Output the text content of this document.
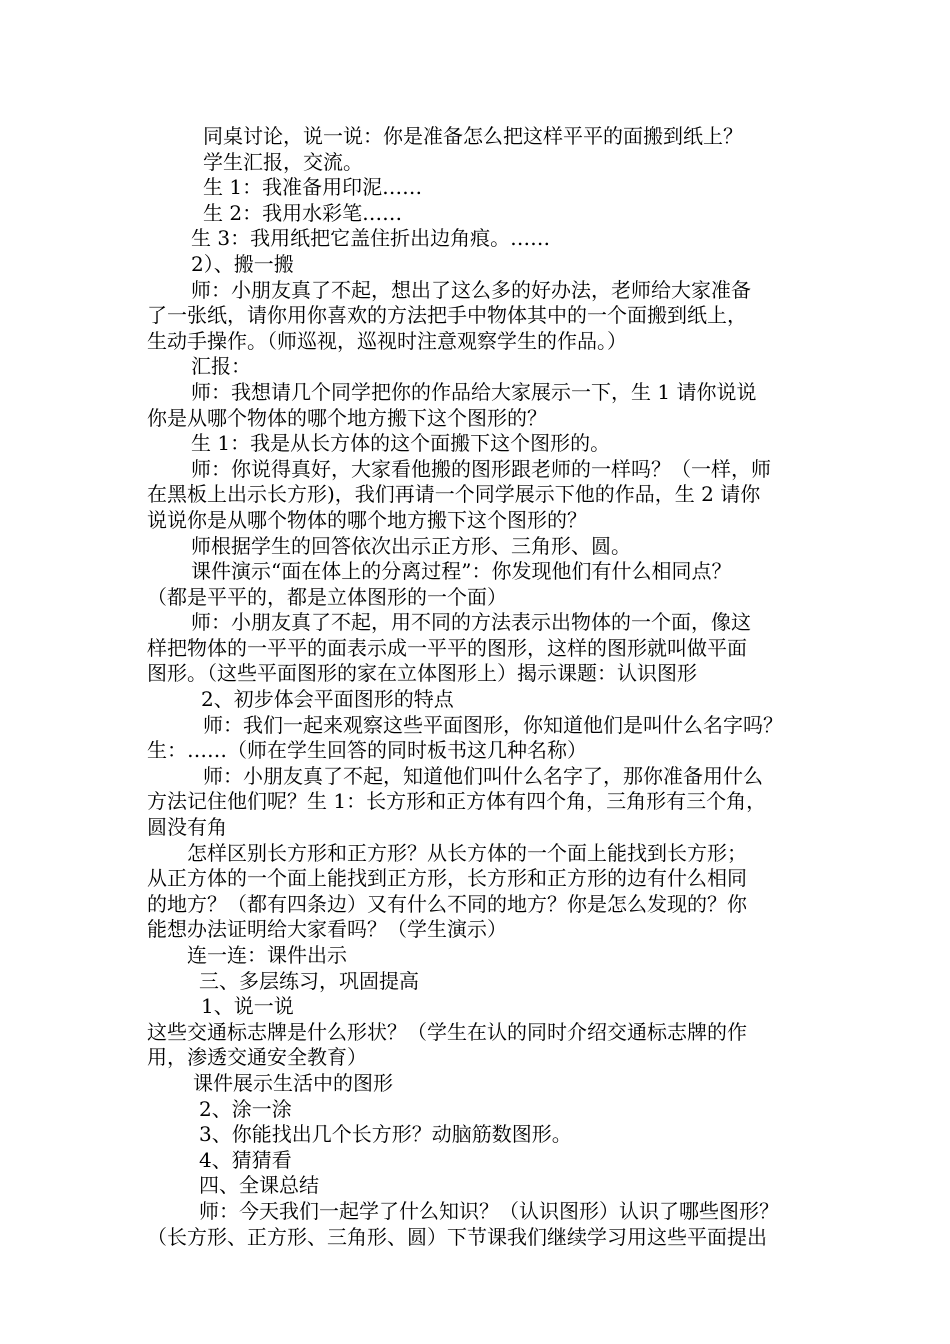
同桌讨论，说一说：你是准备怎么把这样平平的面搬到纸上？
学生汇报，交流。
生 1：我准备用印泥……
生 2：我用水彩笔……
生 3：我用纸把它盖住折出边角痕。……
2）、搬一搬
师：小朋友真了不起，想出了这么多的好办法，老师给大家准备
了一张纸，请你用你喜欢的方法把手中物体其中的一个面搬到纸上，
生动手操作。（师巡视，巡视时注意观察学生的作品。）
汇报：
师：我想请几个同学把你的作品给大家展示一下，生 1 请你说说
你是从哪个物体的哪个地方搬下这个图形的？
生 1：我是从长方体的这个面搬下这个图形的。
师：你说得真好，大家看他搬的图形跟老师的一样吗？（一样，师
在黑板上出示长方形)，我们再请一个同学展示下他的作品，生 2 请你
说说你是从哪个物体的哪个地方搬下这个图形的？
师根据学生的回答依次出示正方形、三角形、圆。
课件演示“面在体上的分离过程”：你发现他们有什么相同点？
（都是平平的，都是立体图形的一个面）
师：小朋友真了不起，用不同的方法表示出物体的一个面，像这
样把物体的一平平的面表示成一平平的图形，这样的图形就叫做平面
图形。（这些平面图形的家在立体图形上）揭示课题：认识图形
2、初步体会平面图形的特点
师：我们一起来观察这些平面图形，你知道他们是叫什么名字吗？
生：……（师在学生回答的同时板书这几种名称）
师：小朋友真了不起，知道他们叫什么名字了，那你准备用什么
方法记住他们呢？生 1：长方形和正方体有四个角，三角形有三个角，
圆没有角
怎样区别长方形和正方形？从长方体的一个面上能找到长方形；
从正方体的一个面上能找到正方形，长方形和正方形的边有什么相同
的地方？（都有四条边）又有什么不同的地方？你是怎么发现的？你
能想办法证明给大家看吗？（学生演示）
连一连：课件出示
三、多层练习，巩固提高
1、说一说
这些交通标志牌是什么形状？（学生在认的同时介绍交通标志牌的作
用，渗透交通安全教育）
课件展示生活中的图形
2、涂一涂
3、你能找出几个长方形？动脑筋数图形。
4、猜猜看
四、全课总结
师：今天我们一起学了什么知识？（认识图形）认识了哪些图形？
（长方形、正方形、三角形、圆）下节课我们继续学习用这些平面提出
